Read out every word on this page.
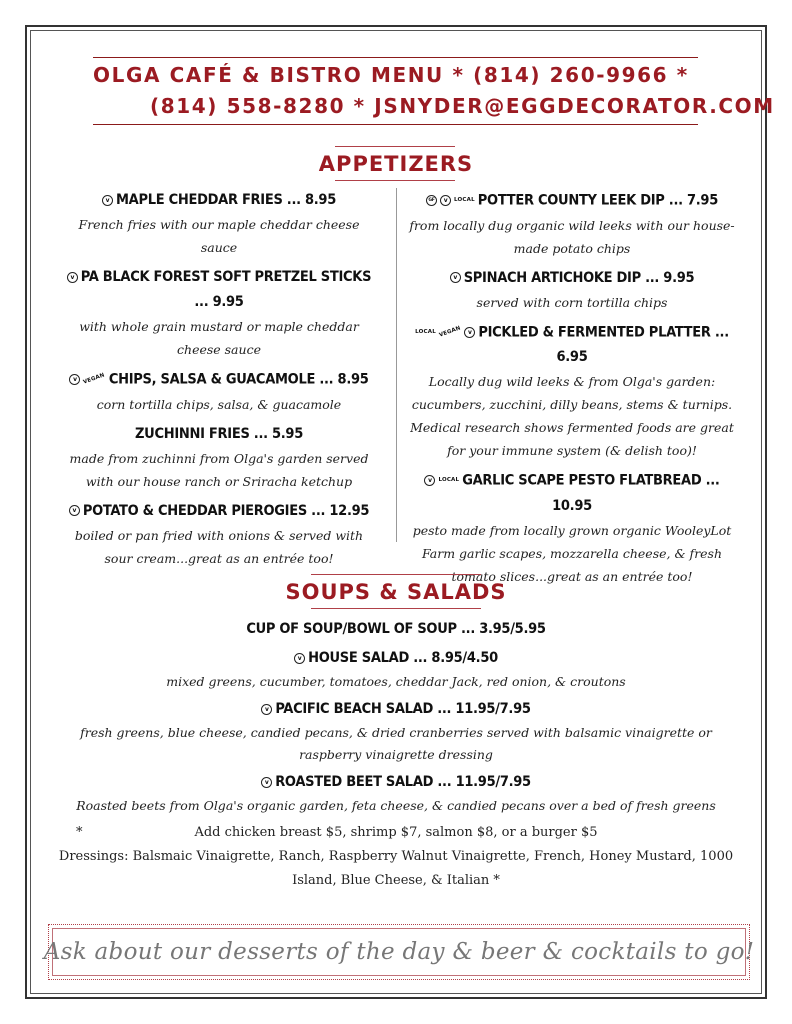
OLGA CAFÉ & BISTRO MENU * (814) 260-9966 *
(814) 558-8280 * JSNYDER@EGGDECORATOR.COM
APPETIZERS
v MAPLE CHEDDAR FRIES ... 8.95
French fries with our maple cheddar cheese sauce
v PA BLACK FOREST SOFT PRETZEL STICKS ... 9.95
with whole grain mustard or maple cheddar cheese sauce
v VEGAN CHIPS, SALSA & GUACAMOLE ... 8.95
corn tortilla chips, salsa, & guacamole
ZUCHINNI FRIES ... 5.95
made from zuchinni from Olga's garden served with our house ranch or Sriracha ketchup
v POTATO & CHEDDAR PIEROGIES ... 12.95
boiled or pan fried with onions & served with sour cream...great as an entrée too!
GF v LOCAL POTTER COUNTY LEEK DIP ... 7.95
from locally dug organic wild leeks with our house-made potato chips
v SPINACH ARTICHOKE DIP ... 9.95
served with corn tortilla chips
LOCAL VEGAN v PICKLED & FERMENTED PLATTER ... 6.95
Locally dug wild leeks & from Olga's garden: cucumbers, zucchini, dilly beans, stems & turnips. Medical research shows fermented foods are great for your immune system (& delish too)!
v LOCAL GARLIC SCAPE PESTO FLATBREAD ... 10.95
pesto made from locally grown organic WooleyLot Farm garlic scapes, mozzarella cheese, & fresh tomato slices...great as an entrée too!
SOUPS & SALADS
CUP OF SOUP/BOWL OF SOUP ... 3.95/5.95
v HOUSE SALAD ... 8.95/4.50
mixed greens, cucumber, tomatoes, cheddar Jack, red onion, & croutons
v PACIFIC BEACH SALAD ... 11.95/7.95
fresh greens, blue cheese, candied pecans, & dried cranberries served with balsamic vinaigrette or raspberry vinaigrette dressing
v ROASTED BEET SALAD ... 11.95/7.95
Roasted beets from Olga's organic garden, feta cheese, & candied pecans over a bed of fresh greens
*	Add chicken breast $5, shrimp $7, salmon $8, or a burger $5
Dressings: Balsmaic Vinaigrette, Ranch, Raspberry Walnut Vinaigrette, French, Honey Mustard, 1000 Island, Blue Cheese, & Italian *
Ask about our desserts of the day & beer & cocktails to go!
